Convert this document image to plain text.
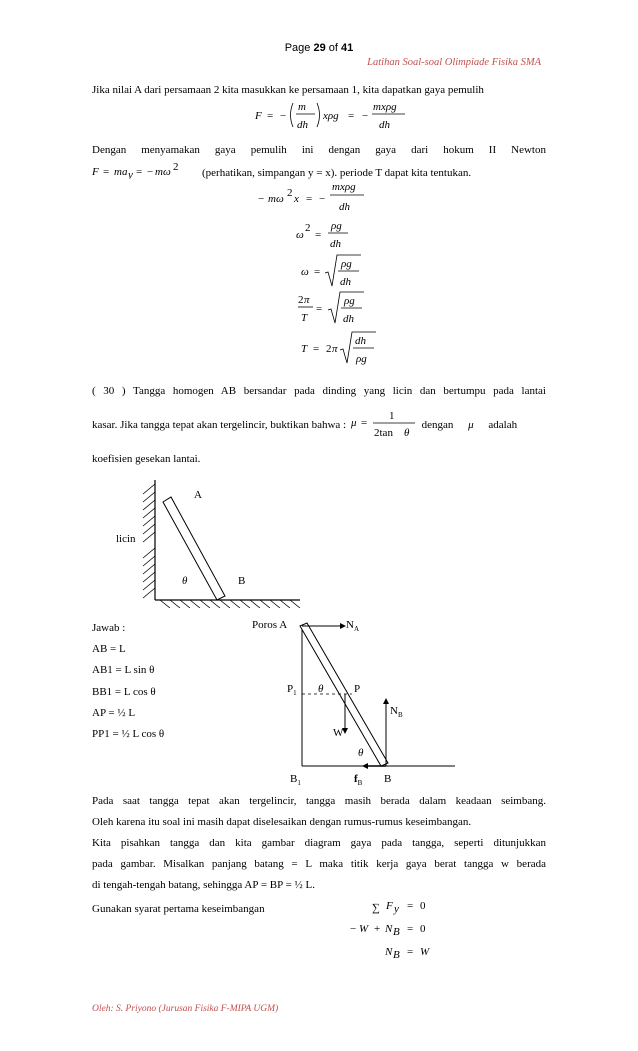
Page 29 of 41
Latihan Soal-soal Olimpiade Fisika SMA
Jika nilai A dari persamaan 2 kita masukkan ke persamaan 1, kita dapatkan gaya pemulih
F = −
m
dh
xρg = −
mxρg
dh
Dengan menyamakan gaya pemulih ini dengan gaya dari hokum II Newton
F = ma y = − mω 2 (perhatikan, simpangan y = x). periode T dapat kita tentukan.
− mω 2 x = −
mxρg
dh
ω
2
=
ρg
dh
ω =
ρg
dh
2 π
T
=
ρg
dh
T = 2 π
dh
ρg
( 30 ) Tangga homogen AB bersandar pada dinding yang licin dan bertumpu pada lantai
kasar. Jika tangga tepat akan tergelincir, buktikan bahwa : μ =
1
2tan θ
dengan μ adalah
koefisien gesekan lantai.
A
licin
θ	B
Jawab :
AB = L
AB1 = L sin θ
BB1 = L cos θ
AP = ½ L
PP1 = ½ L cos θ
Poros A	$N_A$
$P_1$ θ	P
$N_B$
W
θ
$B_1$	$f_B$ B
Pada saat tangga tepat akan tergelincir, tangga masih berada dalam keadaan seimbang.
Oleh karena itu soal ini masih dapat diselesaikan dengan rumus-rumus keseimbangan.
Kita pisahkan tangga dan kita gambar diagram gaya pada tangga, seperti ditunjukkan
pada gambar. Misalkan panjang batang = L maka titik kerja gaya berat tangga w berada
di tengah-tengah batang, sehingga AP = BP = ½ L.
Gunakan syarat pertama keseimbangan	∑ F y = 0
− W + N B = 0
N B = W
Oleh: S. Priyono (Jurusan Fisika F-MIPA UGM)
